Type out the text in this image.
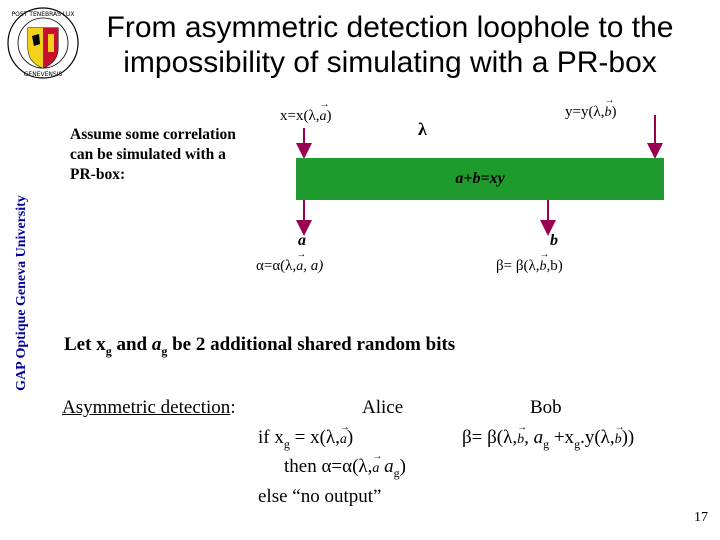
POST TENEBRAS LUX
GENEVENSIS
From asymmetric detection loophole to the impossibility of simulating with a PR-box
GAP Optique Geneva University
Assume some correlation can be simulated with a PR-box:	a+b=xy
x=x(λ,→ a)
λ
y=y(λ,→ b)
a	b
α=α(λ,→ a, a)	β= β(λ,→ b,b)
Let $x_g$ and $a_g$ be 2 additional shared random bits
Asymmetric detection:	Alice	Bob
if $x_g = x(\lambda,\to a)$	β= β(λ,→ b, $a_g +x_g.y(\lambda,\to b)$)
then α=α(λ,→ a $a_g$)
else “no output”
17
